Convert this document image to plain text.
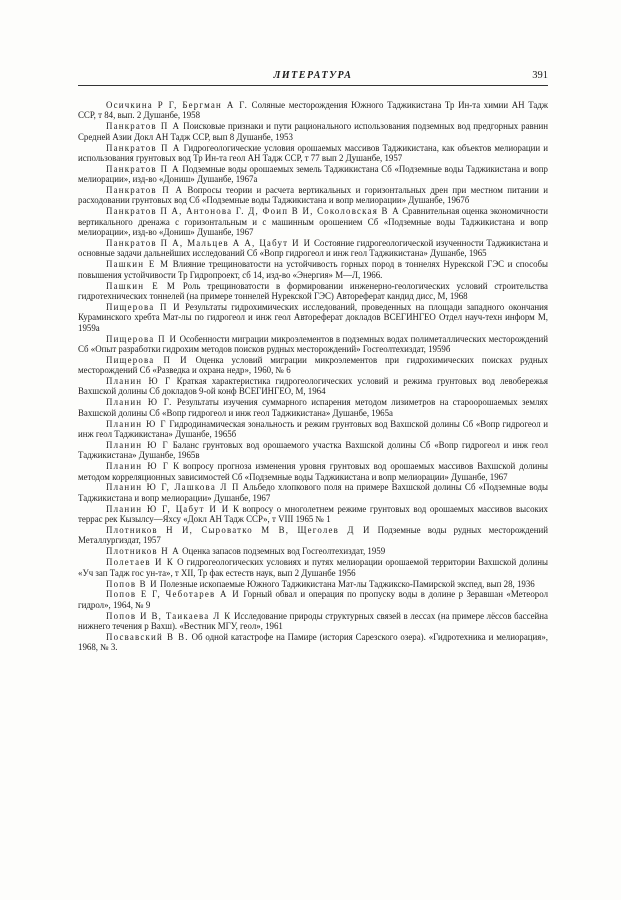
ЛИТЕРАТУРА	391

Осичкина Р Г, Бергман А Г. Соляные месторождения Южного Таджикистана Тр Ин-та химии АН Тадж ССР, т 84, вып. 2 Душанбе, 1958

Панкратов П А Поисковые признаки и пути рационального использования подземных вод предгорных равнин Средней Азии Докл АН Тадж ССР, вып 8 Душанбе, 1953

Панкратов П А Гидрогеологические условия орошаемых массивов Таджикистана, как объектов мелиорации и использования грунтовых вод Тр Ин-та геол АН Тадж ССР, т 77 вып 2 Душанбе, 1957

Панкратов П А Подземные воды орошаемых земель Таджикистана Сб «Подземные воды Таджикистана и вопр мелиорации», изд-во «Дониш» Душанбе, 1967а

Панкратов П А Вопросы теории и расчета вертикальных и горизонтальных дрен при местном питании и расходовании грунтовых вод Сб «Подземные воды Таджикистана и вопр мелиорации» Душанбе, 1967б

Панкратов П А, Антонова Г. Д, Фоип В И, Соколовская В А Сравнительная оценка экономичности вертикального дренажа с горизонтальным и с машинным орошением Сб «Подземные воды Таджикистана и вопр мелиорации», изд-во «Дониш» Душанбе, 1967

Панкратов П А, Мальцев А А, Цабут И И Состояние гидрогеологической изученности Таджикистана и основные задачи дальнейших исследований Сб «Вопр гидрогеол и инж геол Таджикистана» Душанбе, 1965

Пашкин Е М Влияние трещиноватости на устойчивость горных пород в тоннелях Нурекской ГЭС и способы повышения устойчивости Тр Гидропроект, сб 14, изд-во «Энергия» М—Л, 1966.

Пашкин Е М Роль трещиноватости в формировании инженерно-геологических условий строительства гидротехнических тоннелей (на примере тоннелей Нурекской ГЭС) Автореферат кандид дисс, М, 1968

Пищерова П И Результаты гидрохимических исследований, проведенных на площади западного окончания Кураминского хребта Мат-лы по гидрогеол и инж геол Автореферат докладов ВСЕГИНГЕО Отдел науч-техн информ М, 1959а

Пищерова П И Особенности миграции микроэлементов в подземных водах полиметаллических месторождений Сб «Опыт разработки гидрохим методов поисков рудных месторождений» Госгеолтехиздат, 1959б

Пищерова П И Оценка условий миграции микроэлементов при гидрохимических поисках рудных месторождений Сб «Разведка и охрана недр», 1960, № 6

Планин Ю Г Краткая характеристика гидрогеологических условий и режима грунтовых вод левобережья Вахшской долины Сб докладов 9-ой конф ВСЕГИНГЕО, М, 1964

Планин Ю Г. Результаты изучения суммарного испарения методом лизиметров на староорошаемых землях Вахшской долины Сб «Вопр гидрогеол и инж геол Таджикистана» Душанбе, 1965а

Планин Ю Г Гидродинамическая зональность и режим грунтовых вод Вахшской долины Сб «Вопр гидрогеол и инж геол Таджикистана» Душанбе, 1965б

Планин Ю Г Баланс грунтовых вод орошаемого участка Вахшской долины Сб «Вопр гидрогеол и инж геол Таджикистана» Душанбе, 1965в

Планин Ю Г К вопросу прогноза изменения уровня грунтовых вод орошаемых массивов Вахшской долины методом корреляционных зависимостей Сб «Подземные воды Таджикистана и вопр мелиорации» Душанбе, 1967

Планин Ю Г, Лашкова Л П Альбедо хлопкового поля на примере Вахшской долины Сб «Подземные воды Таджикистана и вопр мелиорации» Душанбе, 1967

Планин Ю Г, Цабут И И К вопросу о многолетнем режиме грунтовых вод орошаемых массивов высоких террас рек Кызылсу—Яхсу «Докл АН Тадж ССР», т VIII 1965 № 1

Плотников Н И, Сыроватко М В, Щеголев Д И Подземные воды рудных месторождений Металлургиздат, 1957

Плотников Н А Оценка запасов подземных вод Госгеолтехиздат, 1959

Полетаев И К О гидрогеологических условиях и путях мелиорации орошаемой территории Вахшской долины «Уч зап Тадж гос ун-та», т XII, Тр фак естеств наук, вып 2 Душанбе 1956

Попов В И Полезные ископаемые Южного Таджикистана Мат-лы Таджикско-Памирской экспед, вып 28, 1936

Попов Е Г, Чеботарев А И Горный обвал и операция по пропуску воды в долине р Зеравшан «Метеорол гидрол», 1964, № 9

Попов И В, Таикаева Л К Исследование природы структурных связей в лессах (на примере лёссов бассейна нижнего течения р Вахш). «Вестник МГУ, геол», 1961

Посвавский В В. Об одной катастрофе на Памире (история Сарезского озера). «Гидротехника и мелиорация», 1968, № 3.
